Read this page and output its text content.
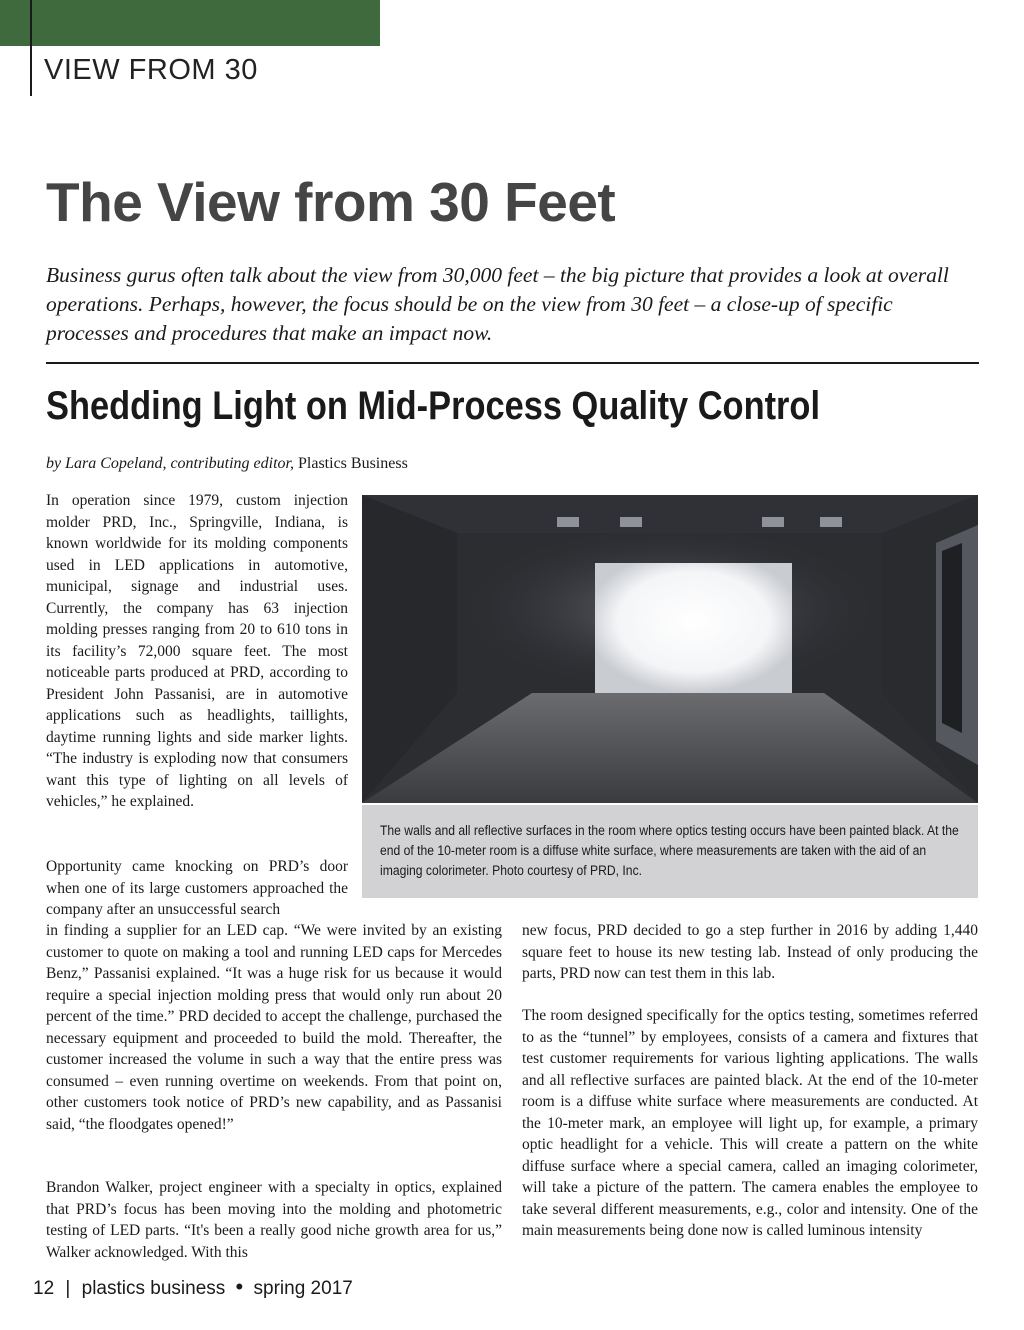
VIEW FROM 30
The View from 30 Feet

Business gurus often talk about the view from 30,000 feet – the big picture that provides a look at overall operations. Perhaps, however, the focus should be on the view from 30 feet – a close-up of specific processes and procedures that make an impact now.

Shedding Light on Mid-Process Quality Control
by Lara Copeland, contributing editor, Plastics Business

In operation since 1979, custom injection molder PRD, Inc., Springville, Indiana, is known worldwide for its molding components used in LED applications in automotive, municipal, signage and industrial uses. Currently, the company has 63 injection molding presses ranging from 20 to 610 tons in its facility’s 72,000 square feet. The most noticeable parts produced at PRD, according to President John Passanisi, are in automotive applications such as headlights, taillights, daytime running lights and side marker lights. “The industry is exploding now that consumers want this type of lighting on all levels of vehicles,” he explained.

Opportunity came knocking on PRD’s door when one of its large customers approached the company after an unsuccessful search

in finding a supplier for an LED cap. “We were invited by an existing customer to quote on making a tool and running LED caps for Mercedes Benz,” Passanisi explained. “It was a huge risk for us because it would require a special injection molding press that would only run about 20 percent of the time.” PRD decided to accept the challenge, purchased the necessary equipment and proceeded to build the mold. Thereafter, the customer increased the volume in such a way that the entire press was consumed – even running overtime on weekends. From that point on, other customers took notice of PRD’s new capability, and as Passanisi said, “the floodgates opened!”

Brandon Walker, project engineer with a specialty in optics, explained that PRD’s focus has been moving into the molding and photometric testing of LED parts. “It's been a really good niche growth area for us,” Walker acknowledged. With this

new focus, PRD decided to go a step further in 2016 by adding 1,440 square feet to house its new testing lab. Instead of only producing the parts, PRD now can test them in this lab.

The room designed specifically for the optics testing, sometimes referred to as the “tunnel” by employees, consists of a camera and fixtures that test customer requirements for various lighting applications. The walls and all reflective surfaces are painted black. At the end of the 10-meter room is a diffuse white surface where measurements are conducted. At the 10-meter mark, an employee will light up, for example, a primary optic headlight for a vehicle. This will create a pattern on the white diffuse surface where a special camera, called an imaging colorimeter, will take a picture of the pattern. The camera enables the employee to take several different measurements, e.g., color and intensity. One of the main measurements being done now is called luminous intensity

The walls and all reflective surfaces in the room where optics testing occurs have been painted black. At the end of the 10-meter room is a diffuse white surface, where measurements are taken with the aid of an imaging colorimeter. Photo courtesy of PRD, Inc.

12 | plastics business • spring 2017
